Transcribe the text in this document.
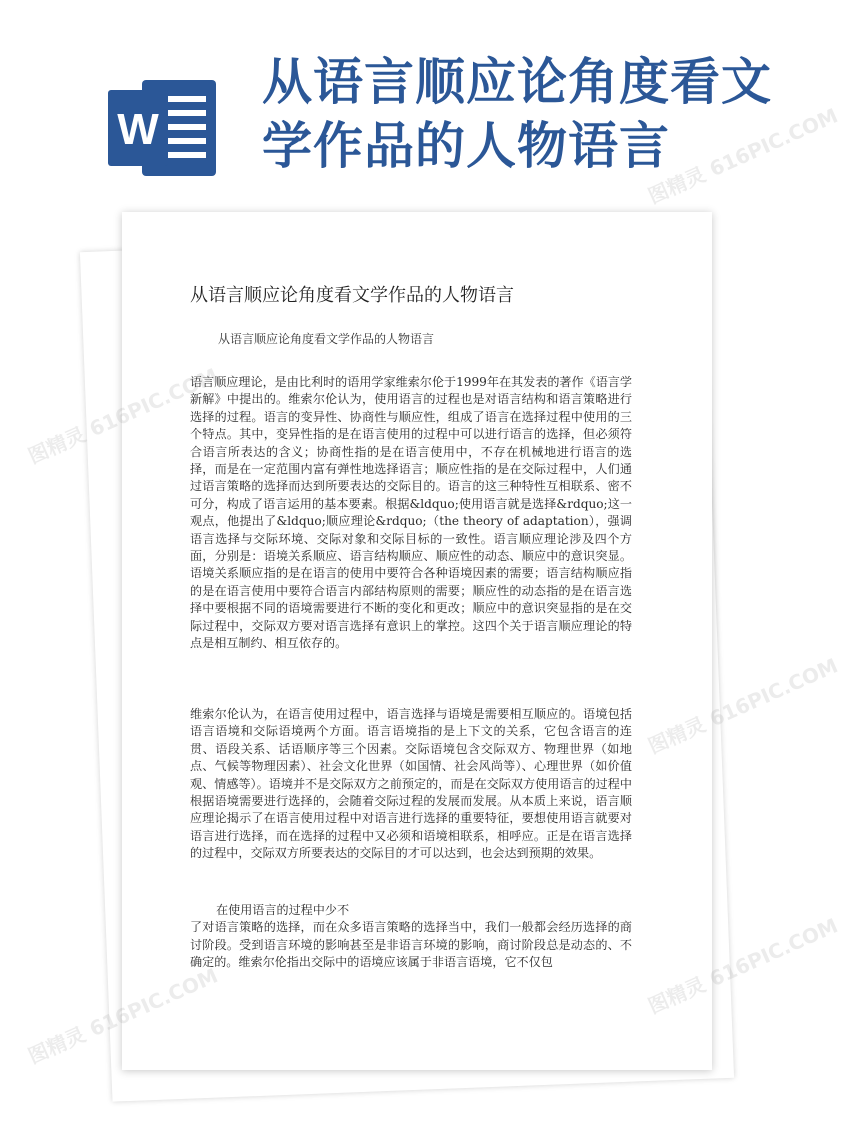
W
从语言顺应论角度看文
学作品的人物语言
从语言顺应论角度看文学作品的人物语言

从语言顺应论角度看文学作品的人物语言

语言顺应理论，是由比利时的语用学家维索尔伦于1999年在其发表的著作《语言学新解》中提出的。维索尔伦认为，使用语言的过程也是对语言结构和语言策略进行选择的过程。语言的变异性、协商性与顺应性，组成了语言在选择过程中使用的三个特点。其中，变异性指的是在语言使用的过程中可以进行语言的选择，但必须符合语言所表达的含义；协商性指的是在语言使用中，不存在机械地进行语言的选择，而是在一定范围内富有弹性地选择语言；顺应性指的是在交际过程中，人们通过语言策略的选择而达到所要表达的交际目的。语言的这三种特性互相联系、密不可分，构成了语言运用的基本要素。根据&ldquo;使用语言就是选择&rdquo;这一观点，他提出了&ldquo;顺应理论&rdquo;（the theory of adaptation），强调语言选择与交际环境、交际对象和交际目标的一致性。语言顺应理论涉及四个方面，分别是：语境关系顺应、语言结构顺应、顺应性的动态、顺应中的意识突显。语境关系顺应指的是在语言的使用中要符合各种语境因素的需要；语言结构顺应指的是在语言使用中要符合语言内部结构原则的需要；顺应性的动态指的是在语言选择中要根据不同的语境需要进行不断的变化和更改；顺应中的意识突显指的是在交际过程中，交际双方要对语言选择有意识上的掌控。这四个关于语言顺应理论的特点是相互制约、相互依存的。

维索尔伦认为，在语言使用过程中，语言选择与语境是需要相互顺应的。语境包括语言语境和交际语境两个方面。语言语境指的是上下文的关系，它包含语言的连贯、语段关系、话语顺序等三个因素。交际语境包含交际双方、物理世界（如地点、气候等物理因素）、社会文化世界（如国情、社会风尚等）、心理世界（如价值观、情感等）。语境并不是交际双方之前预定的，而是在交际双方使用语言的过程中根据语境需要进行选择的，会随着交际过程的发展而发展。从本质上来说，语言顺应理论揭示了在语言使用过程中对语言进行选择的重要特征，要想使用语言就要对语言进行选择，而在选择的过程中又必须和语境相联系，相呼应。正是在语言选择的过程中，交际双方所要表达的交际目的才可以达到，也会达到预期的效果。

在使用语言的过程中少不
了对语言策略的选择，而在众多语言策略的选择当中，我们一般都会经历选择的商讨阶段。受到语言环境的影响甚至是非语言环境的影响，商讨阶段总是动态的、不确定的。维索尔伦指出交际中的语境应该属于非语言语境，它不仅包
图精灵
图精灵 616PIC.COM
图精灵 616PIC.COM
图精灵
图精灵 616PIC.COM
